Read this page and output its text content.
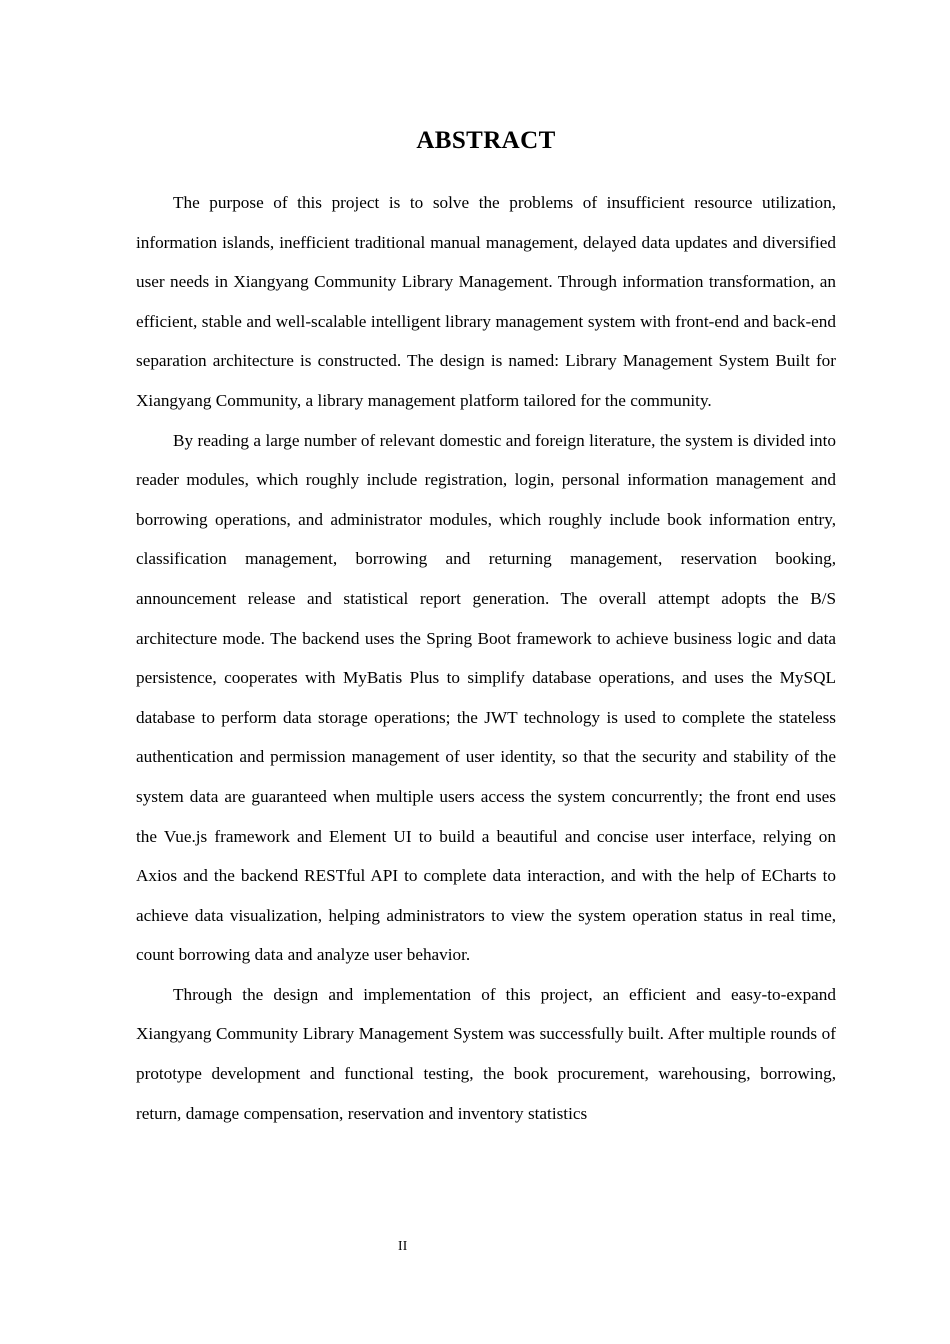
ABSTRACT

The purpose of this project is to solve the problems of insufficient resource utilization, information islands, inefficient traditional manual management, delayed data updates and diversified user needs in Xiangyang Community Library Management. Through information transformation, an efficient, stable and well-scalable intelligent library management system with front-end and back-end separation architecture is constructed. The design is named: Library Management System Built for Xiangyang Community, a library management platform tailored for the community.

By reading a large number of relevant domestic and foreign literature, the system is divided into reader modules, which roughly include registration, login, personal information management and borrowing operations, and administrator modules, which roughly include book information entry, classification management, borrowing and returning management, reservation booking, announcement release and statistical report generation. The overall attempt adopts the B/S architecture mode. The backend uses the Spring Boot framework to achieve business logic and data persistence, cooperates with MyBatis Plus to simplify database operations, and uses the MySQL database to perform data storage operations; the JWT technology is used to complete the stateless authentication and permission management of user identity, so that the security and stability of the system data are guaranteed when multiple users access the system concurrently; the front end uses the Vue.js framework and Element UI to build a beautiful and concise user interface, relying on Axios and the backend RESTful API to complete data interaction, and with the help of ECharts to achieve data visualization, helping administrators to view the system operation status in real time, count borrowing data and analyze user behavior.

Through the design and implementation of this project, an efficient and easy-to-expand Xiangyang Community Library Management System was successfully built. After multiple rounds of prototype development and functional testing, the book procurement, warehousing, borrowing, return, damage compensation, reservation and inventory statistics

II
